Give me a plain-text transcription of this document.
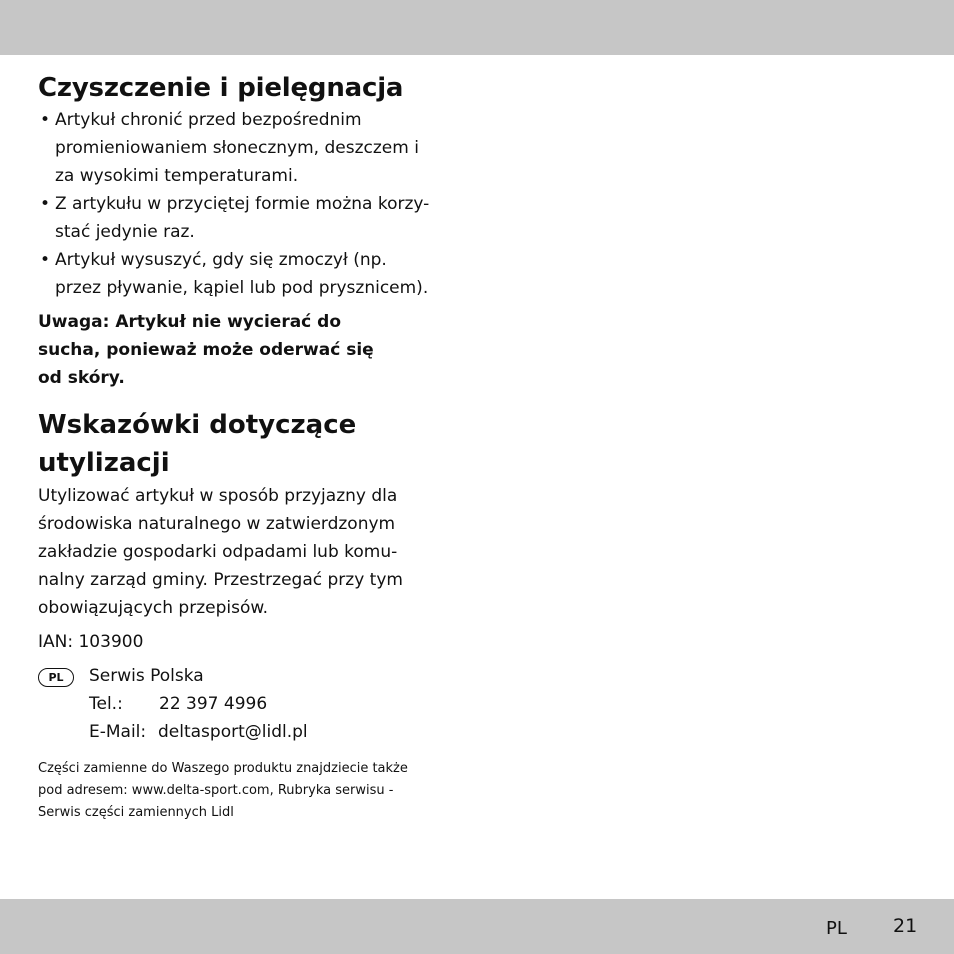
Czyszczenie i pielęgnacja
• Artykuł chronić przed bezpośrednim
promieniowaniem słonecznym, deszczem i
za wysokimi temperaturami.
• Z artykułu w przyciętej formie można korzy-
stać jedynie raz.
• Artykuł wysuszyć, gdy się zmoczył (np.
przez pływanie, kąpiel lub pod prysznicem).
Uwaga: Artykuł nie wycierać do
sucha, ponieważ może oderwać się
od skóry.
Wskazówki dotyczące
utylizacji
Utylizować artykuł w sposób przyjazny dla
środowiska naturalnego w zatwierdzonym
zakładzie gospodarki odpadami lub komu-
nalny zarząd gminy. Przestrzegać przy tym
obowiązujących przepisów.
IAN: 103900
PL	Serwis Polska
Tel.: 22 397 4996
E-Mail: deltasport@lidl.pl
Części zamienne do Waszego produktu znajdziecie także
pod adresem: www.delta-sport.com, Rubryka serwisu -
Serwis części zamiennych Lidl
PL 21
